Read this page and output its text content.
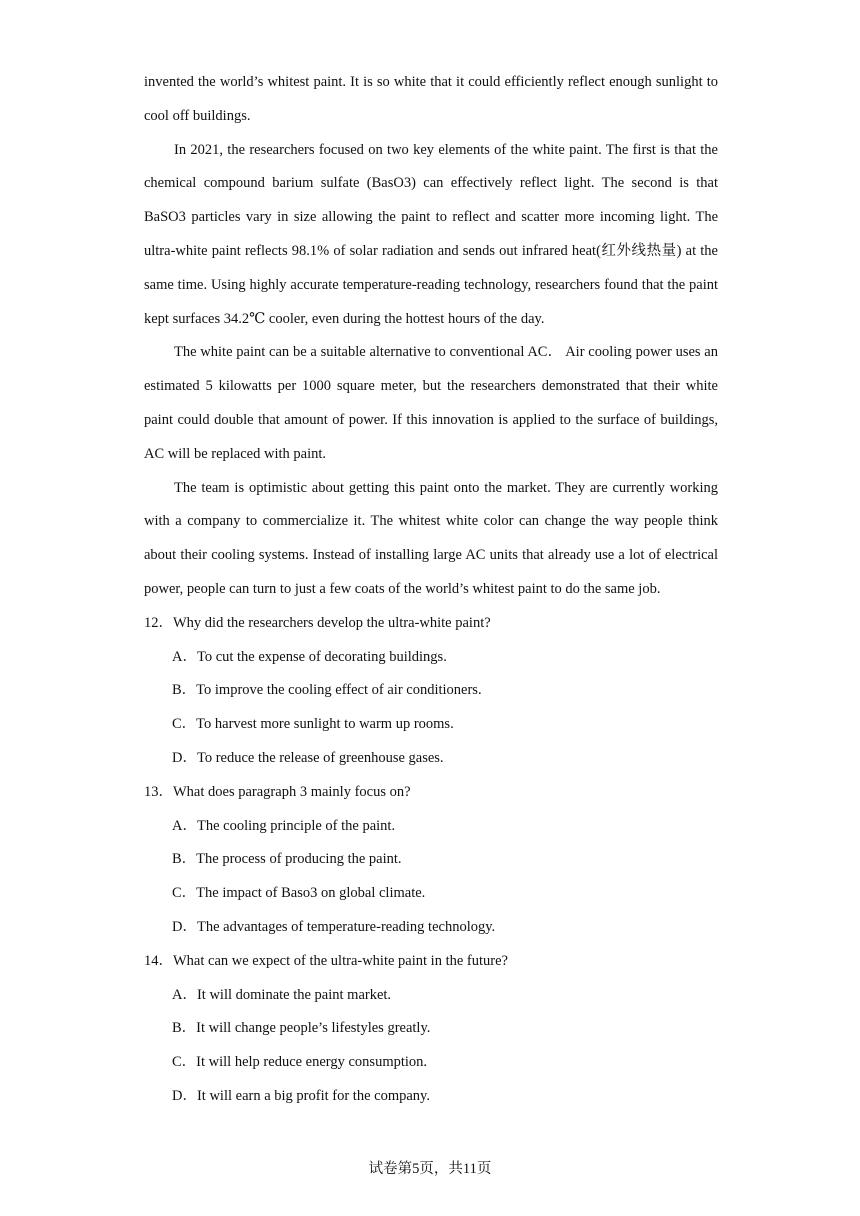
invented the world’s whitest paint. It is so white that it could efficiently reflect enough sunlight to cool off buildings.

In 2021, the researchers focused on two key elements of the white paint. The first is that the chemical compound barium sulfate (BasO3) can effectively reflect light. The second is that BaSO3 particles vary in size allowing the paint to reflect and scatter more incoming light. The ultra-white paint reflects 98.1% of solar radiation and sends out infrared heat(红外线热量) at the same time. Using highly accurate temperature-reading technology, researchers found that the paint kept surfaces 34.2℃ cooler, even during the hottest hours of the day.

The white paint can be a suitable alternative to conventional AC． Air cooling power uses an estimated 5 kilowatts per 1000 square meter, but the researchers demonstrated that their white paint could double that amount of power. If this innovation is applied to the surface of buildings, AC will be replaced with paint.

The team is optimistic about getting this paint onto the market. They are currently working with a company to commercialize it. The whitest white color can change the way people think about their cooling systems. Instead of installing large AC units that already use a lot of electrical power, people can turn to just a few coats of the world’s whitest paint to do the same job.

12．Why did the researchers develop the ultra-white paint?

A．To cut the expense of decorating buildings.
B．To improve the cooling effect of air conditioners.
C．To harvest more sunlight to warm up rooms.
D．To reduce the release of greenhouse gases.

13．What does paragraph 3 mainly focus on?

A．The cooling principle of the paint.
B．The process of producing the paint.
C．The impact of Baso3 on global climate.
D．The advantages of temperature-reading technology.

14．What can we expect of the ultra-white paint in the future?

A．It will dominate the paint market.
B．It will change people’s lifestyles greatly.
C．It will help reduce energy consumption.
D．It will earn a big profit for the company.
试卷第5页，共11页
